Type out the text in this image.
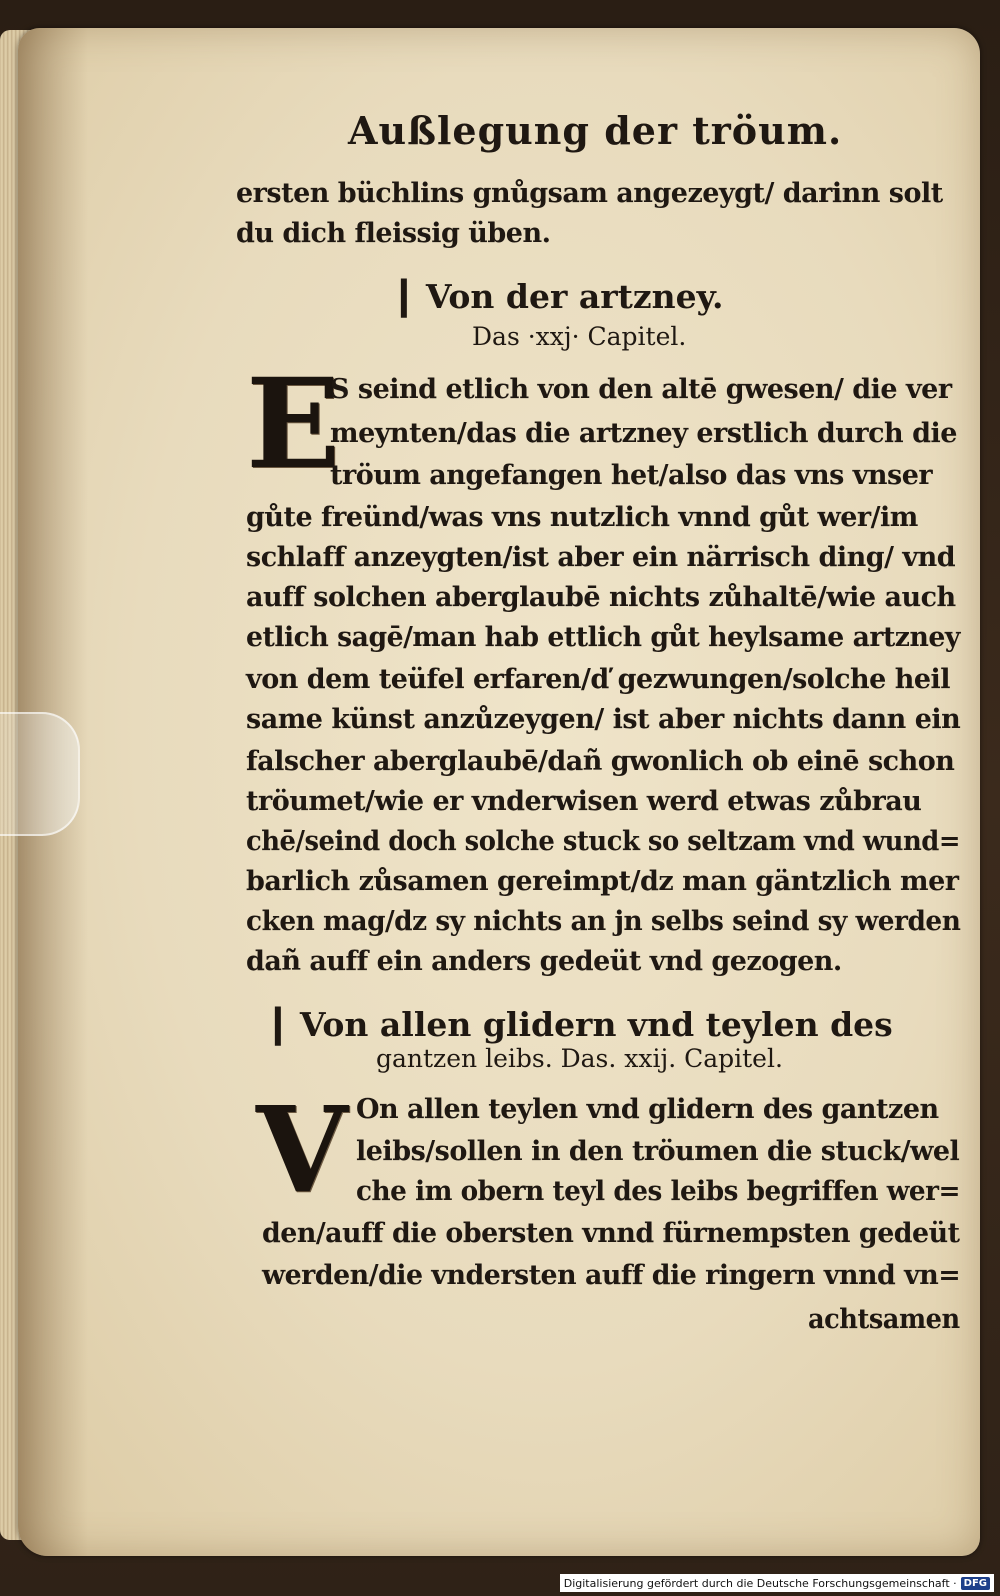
Außlegung der tröum.
ersten büchlins gnůgsam angezeygt/ darinn solt
du dich fleissig üben.
❙ Von der artzney.
Das ·xxj· Capitel.
E
S seind etlich von den altē gwesen/ die ver
meynten/das die artzney erstlich durch die
tröum angefangen het/also das vns vnser
gůte freünd/was vns nutzlich vnnd gůt wer/im
schlaff anzeygten/ist aber ein närrisch ding/ vnd
auff solchen aberglaubē nichts zůhaltē/wie auch
etlich sagē/man hab ettlich gůt heylsame artzney
von dem teüfel erfaren/ď gezwungen/solche heil
same künst anzůzeygen/ ist aber nichts dann ein
falscher aberglaubē/dañ gwonlich ob einē schon
tröumet/wie er vnderwisen werd etwas zůbrau
chē/seind doch solche stuck so seltzam vnd wund=
barlich zůsamen gereimpt/dz man gäntzlich mer
cken mag/dz sy nichts an jn selbs seind sy werden
dañ auff ein anders gedeüt vnd gezogen.
❙ Von allen glidern vnd teylen des
gantzen leibs. Das. xxij. Capitel.
V On allen teylen vnd glidern des gantzen
leibs/sollen in den tröumen die stuck/wel
che im obern teyl des leibs begriffen wer=
den/auff die obersten vnnd fürnempsten gedeüt
werden/die vndersten auff die ringern vnnd vn=
achtsamen
Digitalisierung gefördert durch die Deutsche Forschungsgemeinschaft · DFG
